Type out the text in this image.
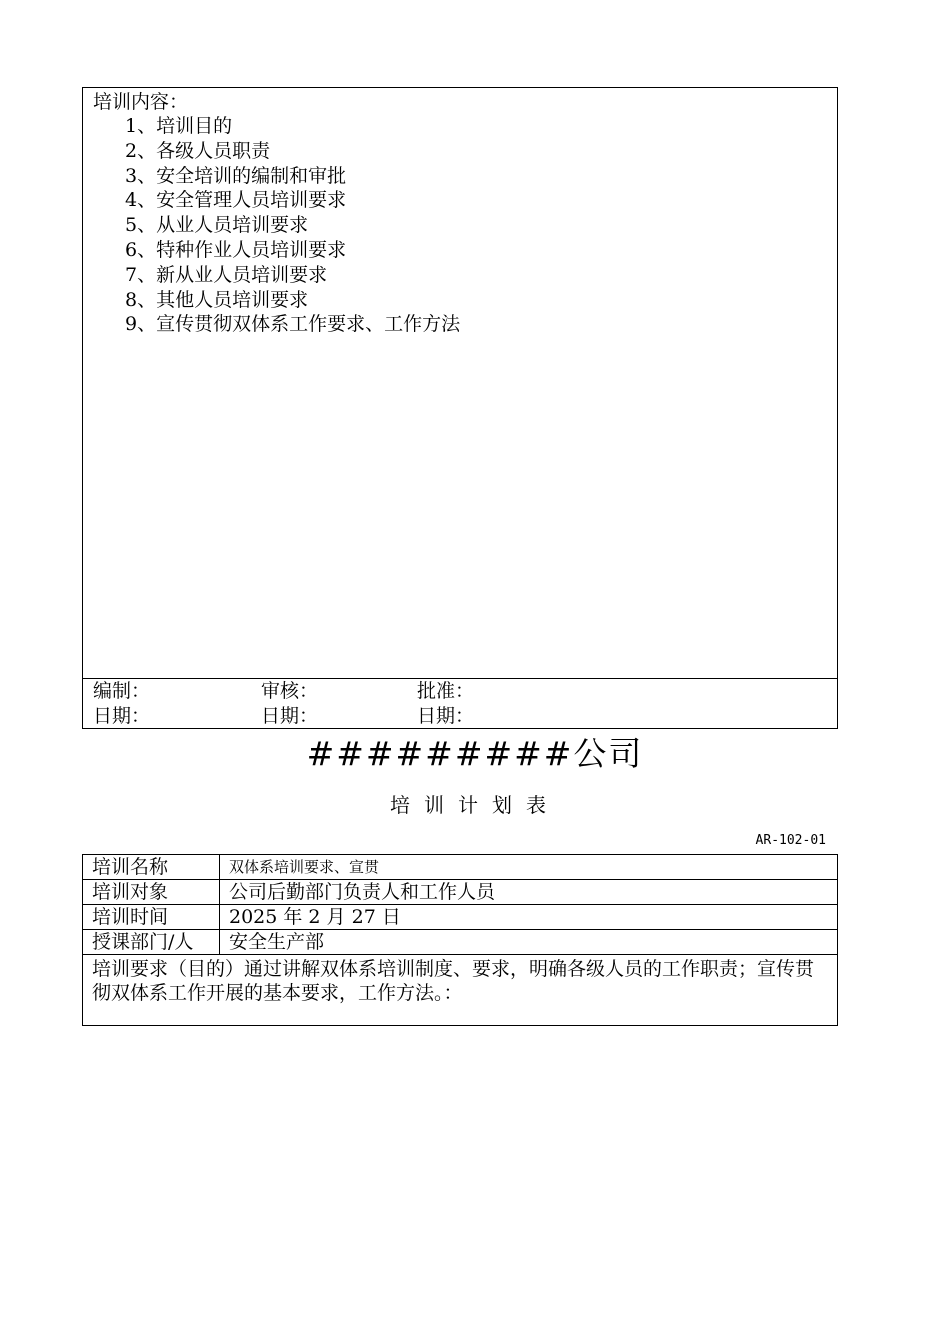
培训内容：
1、培训目的
2、各级人员职责
3、安全培训的编制和审批
4、安全管理人员培训要求
5、从业人员培训要求
6、特种作业人员培训要求
7、新从业人员培训要求
8、其他人员培训要求
9、宣传贯彻双体系工作要求、工作方法
编制：	审核：	批准：
日期：	日期：	日期：
#########公司
培训计划表
AR-102-01
培训名称	双体系培训要求、宣贯
培训对象	公司后勤部门负责人和工作人员
培训时间	2025 年 2 月 27 日
授课部门/人	安全生产部
培训要求（目的）通过讲解双体系培训制度、要求，明确各级人员的工作职责；宣传贯彻双体系工作开展的基本要求，工作方法。：	
